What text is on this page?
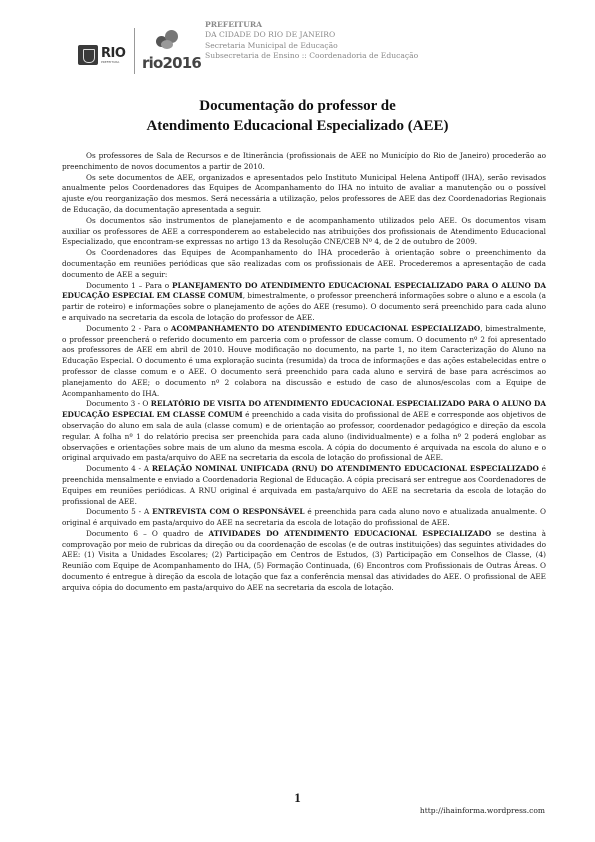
RIO
PREFEITURA rio2016
PREFEITURA
DA CIDADE DO RIO DE JANEIRO
Secretaria Municipal de Educação
Subsecretaria de Ensino :: Coordenadoria de Educação
Documentação do professor de
Atendimento Educacional Especializado (AEE)

Os professores de Sala de Recursos e de Itinerância (profissionais de AEE no Município do Rio de Janeiro) procederão ao preenchimento de novos documentos a partir de 2010.

Os sete documentos de AEE, organizados e apresentados pelo Instituto Municipal Helena Antipoff (IHA), serão revisados anualmente pelos Coordenadores das Equipes de Acompanhamento do IHA no intuito de avaliar a manutenção ou o possível ajuste e/ou reorganização dos mesmos. Será necessária a utilização, pelos professores de AEE das dez Coordenadorias Regionais de Educação, da documentação apresentada a seguir.

Os documentos são instrumentos de planejamento e de acompanhamento utilizados pelo AEE. Os documentos visam auxiliar os professores de AEE a corresponderem ao estabelecido nas atribuições dos profissionais de Atendimento Educacional Especializado, que encontram-se expressas no artigo 13 da Resolução CNE/CEB Nº 4, de 2 de outubro de 2009.

Os Coordenadores das Equipes de Acompanhamento do IHA procederão à orientação sobre o preenchimento da documentação em reuniões periódicas que são realizadas com os profissionais de AEE. Procederemos a apresentação de cada documento de AEE a seguir:

Documento 1 – Para o PLANEJAMENTO DO ATENDIMENTO EDUCACIONAL ESPECIALIZADO PARA O ALUNO DA EDUCAÇÃO ESPECIAL EM CLASSE COMUM, bimestralmente, o professor preencherá informações sobre o aluno e a escola (a partir de roteiro) e informações sobre o planejamento de ações do AEE (resumo). O documento será preenchido para cada aluno e arquivado na secretaria da escola de lotação do professor de AEE.

Documento 2 - Para o ACOMPANHAMENTO DO ATENDIMENTO EDUCACIONAL ESPECIALIZADO, bimestralmente, o professor preencherá o referido documento em parceria com o professor de classe comum. O documento nº 2 foi apresentado aos professores de AEE em abril de 2010. Houve modificação no documento, na parte 1, no item Caracterização do Aluno na Educação Especial. O documento é uma exploração sucinta (resumida) da troca de informações e das ações estabelecidas entre o professor de classe comum e o AEE. O documento será preenchido para cada aluno e servirá de base para acréscimos ao planejamento do AEE; o documento nº 2 colabora na discussão e estudo de caso de alunos/escolas com a Equipe de Acompanhamento do IHA.

Documento 3 - O RELATÓRIO DE VISITA DO ATENDIMENTO EDUCACIONAL ESPECIALIZADO PARA O ALUNO DA EDUCAÇÃO ESPECIAL EM CLASSE COMUM é preenchido a cada visita do profissional de AEE e corresponde aos objetivos de observação do aluno em sala de aula (classe comum) e de orientação ao professor, coordenador pedagógico e direção da escola regular. A folha nº 1 do relatório precisa ser preenchida para cada aluno (individualmente) e a folha nº 2 poderá englobar as observações e orientações sobre mais de um aluno da mesma escola. A cópia do documento é arquivada na escola do aluno e o original arquivado em pasta/arquivo do AEE na secretaria da escola de lotação do profissional de AEE.

Documento 4 - A RELAÇÃO NOMINAL UNIFICADA (RNU) DO ATENDIMENTO EDUCACIONAL ESPECIALIZADO é preenchida mensalmente e enviado a Coordenadoria Regional de Educação. A cópia precisará ser entregue aos Coordenadores de Equipes em reuniões periódicas. A RNU original é arquivada em pasta/arquivo do AEE na secretaria da escola de lotação do profissional de AEE.

Documento 5 - A ENTREVISTA COM O RESPONSÁVEL é preenchida para cada aluno novo e atualizada anualmente. O original é arquivado em pasta/arquivo do AEE na secretaria da escola de lotação do profissional de AEE.

Documento 6 – O quadro de ATIVIDADES DO ATENDIMENTO EDUCACIONAL ESPECIALIZADO se destina à comprovação por meio de rubricas da direção ou da coordenação de escolas (e de outras instituições) das seguintes atividades do AEE: (1) Visita a Unidades Escolares; (2) Participação em Centros de Estudos, (3) Participação em Conselhos de Classe, (4) Reunião com Equipe de Acompanhamento do IHA, (5) Formação Continuada, (6) Encontros com Profissionais de Outras Áreas. O documento é entregue à direção da escola de lotação que faz a conferência mensal das atividades do AEE. O profissional de AEE arquiva cópia do documento em pasta/arquivo do AEE na secretaria da escola de lotação.

1
http://ihainforma.wordpress.com
